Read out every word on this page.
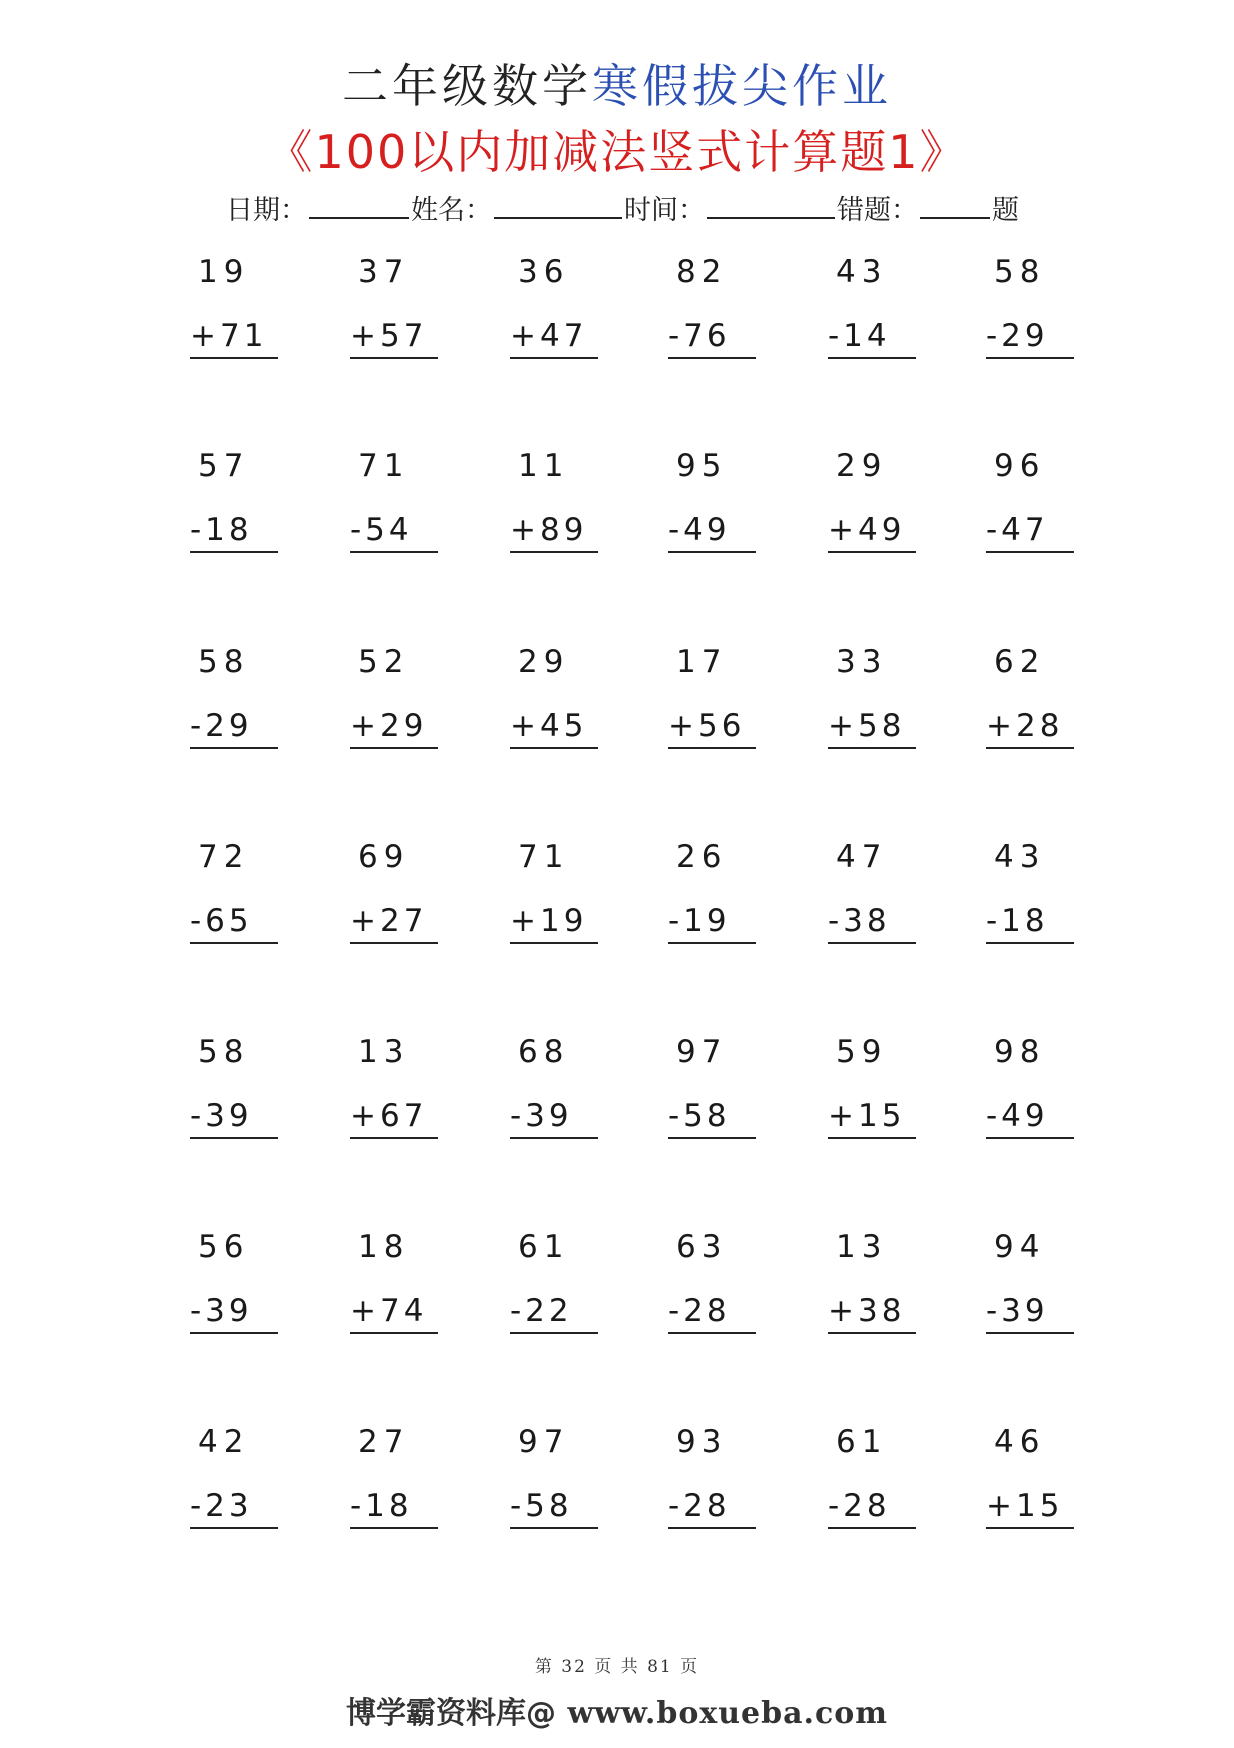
二年级数学寒假拔尖作业
《100以内加减法竖式计算题1》
日期：	姓名：	时间：	错题：	题
19
+71
37
+57
36
+47
82
-76
43
-14
58
-29
57
-18
71
-54
11
+89
95
-49
29
+49
96
-47
58
-29
52
+29
29
+45
17
+56
33
+58
62
+28
72
-65
69
+27
71
+19
26
-19
47
-38
43
-18
58
-39
13
+67
68
-39
97
-58
59
+15
98
-49
56
-39
18
+74
61
-22
63
-28
13
+38
94
-39
42
-23
27
-18
97
-58
93
-28
61
-28
46
+15
第 32 页 共 81 页
博学霸资料库@ www.boxueba.com
